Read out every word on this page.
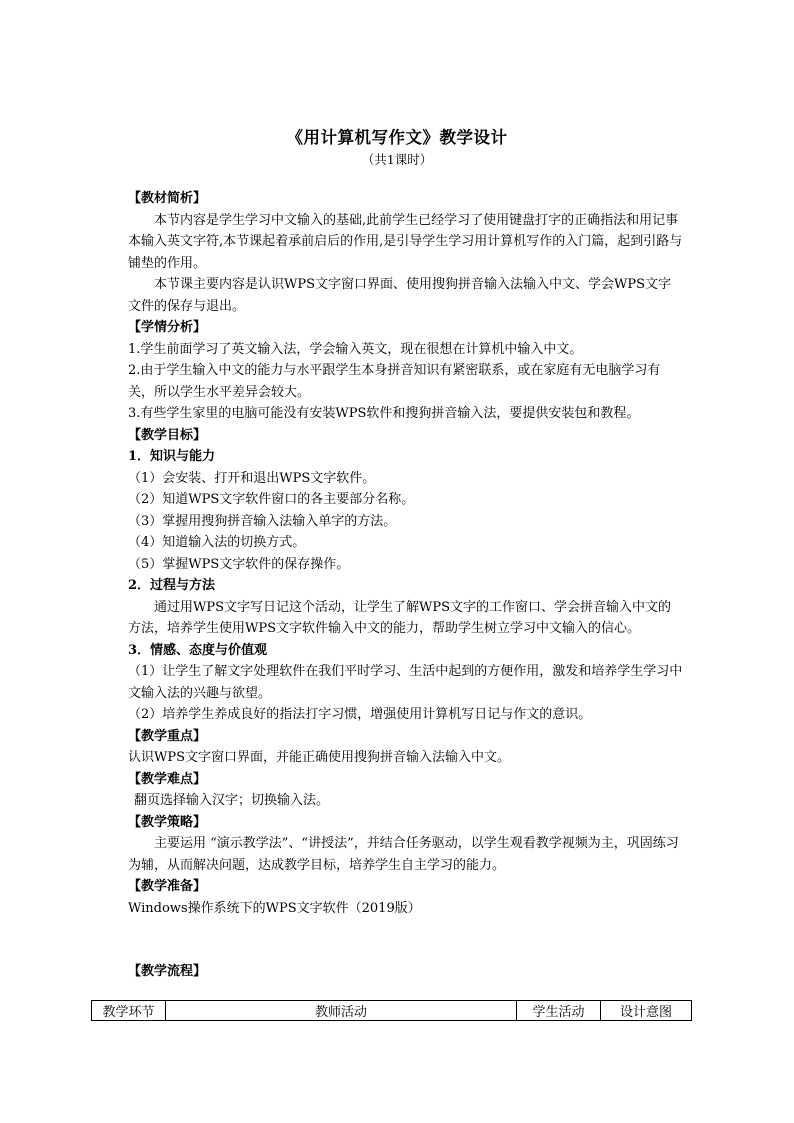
《用计算机写作文》教学设计
（共1课时）

【教材简析】

本节内容是学生学习中文输入的基础,此前学生已经学习了使用键盘打字的正确指法和用记事本输入英文字符,本节课起着承前启后的作用,是引导学生学习用计算机写作的入门篇，起到引路与铺垫的作用。

本节课主要内容是认识WPS文字窗口界面、使用搜狗拼音输入法输入中文、学会WPS文字文件的保存与退出。

【学情分析】

1.学生前面学习了英文输入法，学会输入英文，现在很想在计算机中输入中文。

2.由于学生输入中文的能力与水平跟学生本身拼音知识有紧密联系，或在家庭有无电脑学习有关，所以学生水平差异会较大。

3.有些学生家里的电脑可能没有安装WPS软件和搜狗拼音输入法，要提供安装包和教程。

【教学目标】

1．知识与能力

（1）会安装、打开和退出WPS文字软件。

（2）知道WPS文字软件窗口的各主要部分名称。

（3）掌握用搜狗拼音输入法输入单字的方法。

（4）知道输入法的切换方式。

（5）掌握WPS文字软件的保存操作。

2．过程与方法

通过用WPS文字写日记这个活动，让学生了解WPS文字的工作窗口、学会拼音输入中文的方法，培养学生使用WPS文字软件输入中文的能力，帮助学生树立学习中文输入的信心。

3．情感、态度与价值观

（1）让学生了解文字处理软件在我们平时学习、生活中起到的方便作用，激发和培养学生学习中文输入法的兴趣与欲望。

（2）培养学生养成良好的指法打字习惯，增强使用计算机写日记与作文的意识。

【教学重点】

认识WPS文字窗口界面，并能正确使用搜狗拼音输入法输入中文。

【教学难点】

翻页选择输入汉字；切换输入法。

【教学策略】

主要运用 “演示教学法”、“讲授法”，并结合任务驱动，以学生观看教学视频为主，巩固练习为辅，从而解决问题，达成教学目标，培养学生自主学习的能力。

【教学准备】

Windows操作系统下的WPS文字软件（2019版）

【教学流程】

教学环节	教师活动	学生活动	设计意图
